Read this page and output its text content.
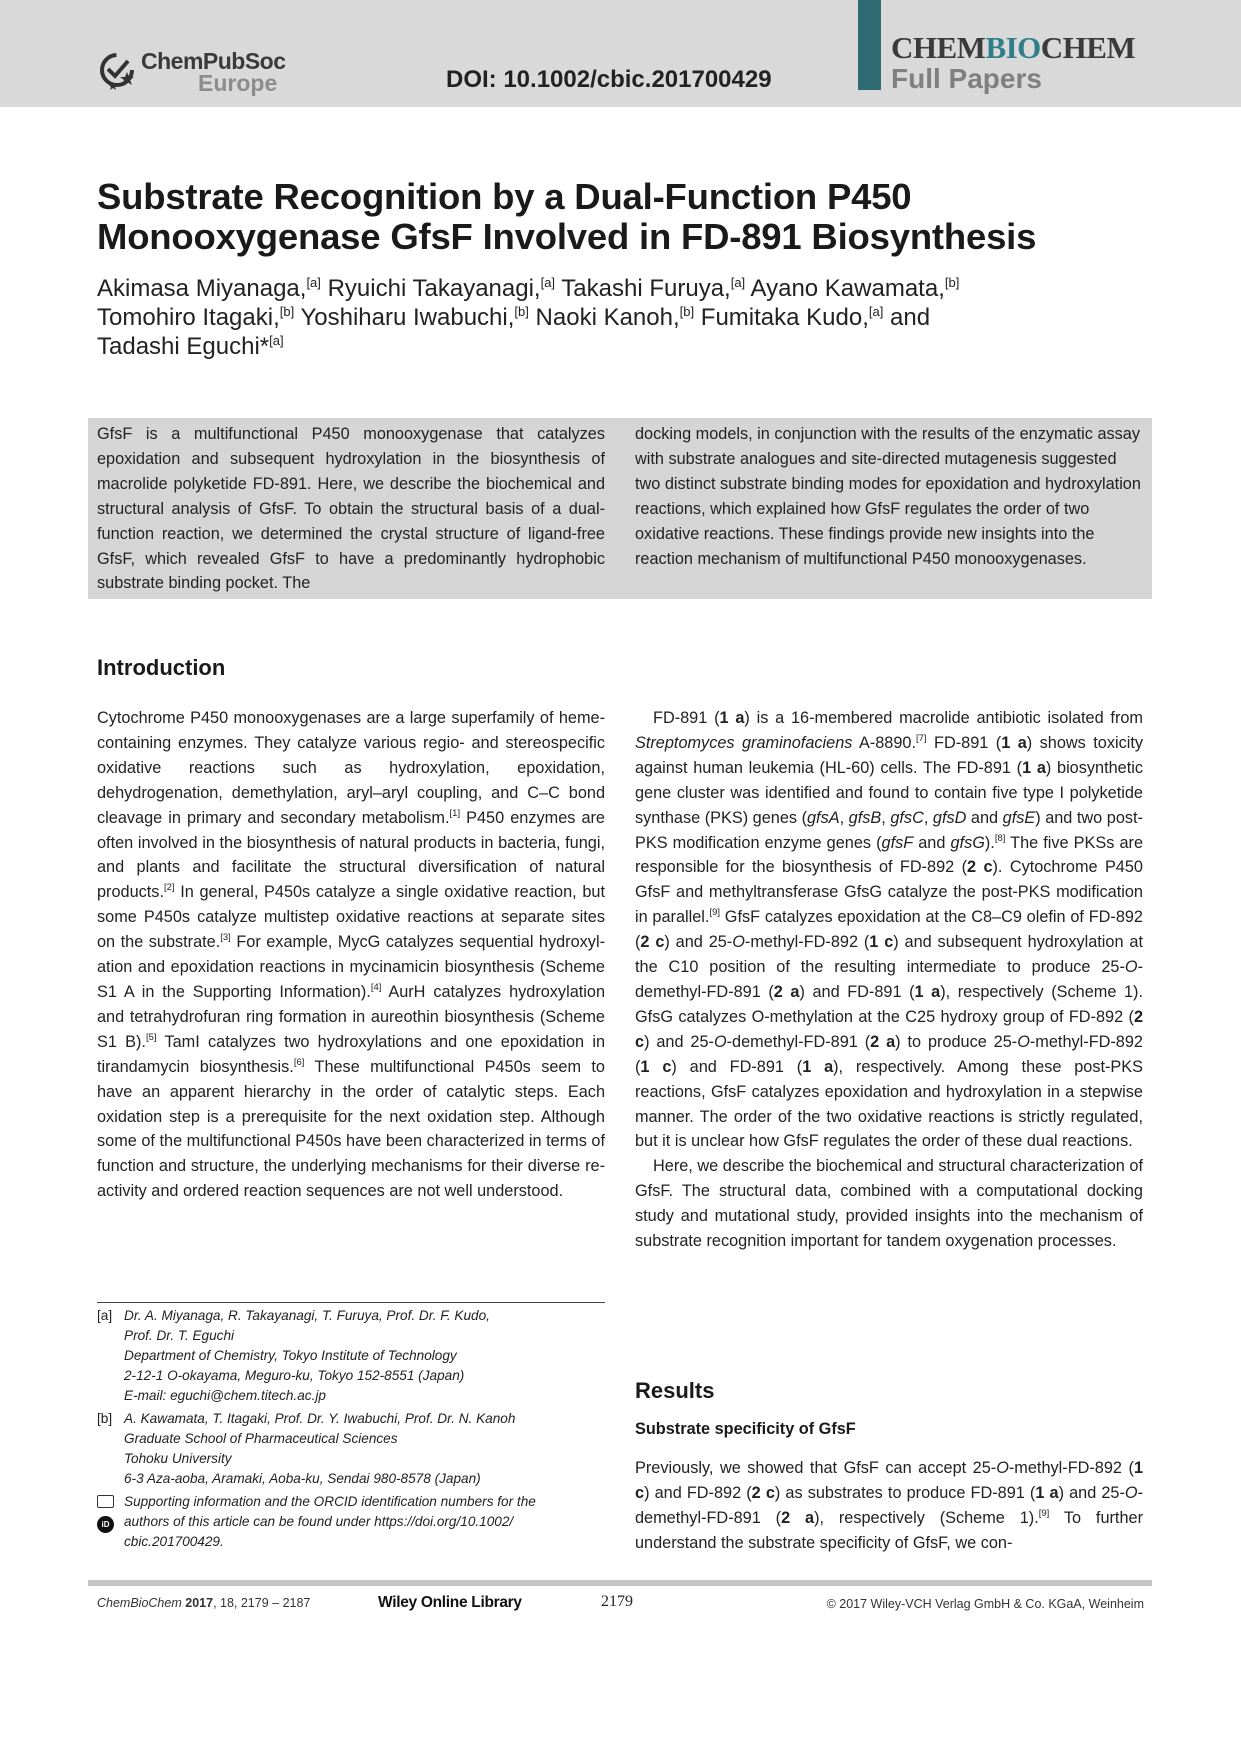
ChemPubSoc
Europe	DOI: 10.1002/cbic.201700429
CHEMBIOCHEM
Full Papers
Substrate Recognition by a Dual-Function P450
Monooxygenase GfsF Involved in FD-891 Biosynthesis
Akimasa Miyanaga,[a] Ryuichi Takayanagi,[a] Takashi Furuya,[a] Ayano Kawamata,[b]
Tomohiro Itagaki,[b] Yoshiharu Iwabuchi,[b] Naoki Kanoh,[b] Fumitaka Kudo,[a] and
Tadashi Eguchi*[a]
GfsF is a multifunctional P450 monooxygenase that catalyzes epoxidation and subsequent hydroxylation in the biosynthesis of macrolide polyketide FD-891. Here, we describe the biochemical and structural analysis of GfsF. To obtain the structural basis of a dual-function reaction, we determined the crystal structure of ligand-free GfsF, which revealed GfsF to have a predominantly hydrophobic substrate binding pocket. The
docking models, in conjunction with the results of the enzymatic assay with substrate analogues and site-directed mutagenesis suggested two distinct substrate binding modes for epoxidation and hydroxylation reactions, which explained how GfsF regulates the order of two oxidative reactions. These findings provide new insights into the reaction mechanism of multifunctional P450 monooxygenases.
Introduction

Cytochrome P450 monooxygenases are a large superfamily of heme-containing enzymes. They catalyze various regio- and stereospecific oxidative reactions such as hydroxylation, epoxidation, dehydrogenation, demethylation, aryl–aryl coupling, and C–C bond cleavage in primary and secondary metabolism.[1] P450 enzymes are often involved in the biosynthesis of natural products in bacteria, fungi, and plants and facilitate the structural diversification of natural products.[2] In general, P450s catalyze a single oxidative reaction, but some P450s catalyze multistep oxidative reactions at separate sites on the substrate.[3] For example, MycG catalyzes sequential hydroxylation and epoxidation reactions in mycinamicin biosynthesis (Scheme S1 A in the Supporting Information).[4] AurH catalyzes hydroxylation and tetrahydrofuran ring formation in aureothin biosynthesis (Scheme S1 B).[5] TamI catalyzes two hydroxylations and one epoxidation in tirandamycin biosynthesis.[6] These multifunctional P450s seem to have an apparent hierarchy in the order of catalytic steps. Each oxidation step is a prerequisite for the next oxidation step. Although some of the multifunctional P450s have been characterized in terms of function and structure, the underlying mechanisms for their diverse reactivity and ordered reaction sequences are not well understood.

[a] Dr. A. Miyanaga, R. Takayanagi, T. Furuya, Prof. Dr. F. Kudo,
Prof. Dr. T. Eguchi
Department of Chemistry, Tokyo Institute of Technology
2-12-1 O-okayama, Meguro-ku, Tokyo 152-8551 (Japan)
E-mail: eguchi@chem.titech.ac.jp
[b] A. Kawamata, T. Itagaki, Prof. Dr. Y. Iwabuchi, Prof. Dr. N. Kanoh
Graduate School of Pharmaceutical Sciences
Tohoku University
6-3 Aza-aoba, Aramaki, Aoba-ku, Sendai 980-8578 (Japan)
iD
Supporting information and the ORCID identification numbers for the
authors of this article can be found under https://doi.org/10.1002/
cbic.201700429.

FD-891 (1 a) is a 16-membered macrolide antibiotic isolated from Streptomyces graminofaciens A-8890.[7] FD-891 (1 a) shows toxicity against human leukemia (HL-60) cells. The FD-891 (1 a) biosynthetic gene cluster was identified and found to contain five type I polyketide synthase (PKS) genes (gfsA, gfsB, gfsC, gfsD and gfsE) and two post-PKS modification enzyme genes (gfsF and gfsG).[8] The five PKSs are responsible for the biosynthesis of FD-892 (2 c). Cytochrome P450 GfsF and methyltransferase GfsG catalyze the post-PKS modification in parallel.[9] GfsF catalyzes epoxidation at the C8–C9 olefin of FD-892 (2 c) and 25-O-methyl-FD-892 (1 c) and subsequent hydroxylation at the C10 position of the resulting intermediate to produce 25-O-demethyl-FD-891 (2 a) and FD-891 (1 a), respectively (Scheme 1). GfsG catalyzes O-methylation at the C25 hydroxy group of FD-892 (2 c) and 25-O-demethyl-FD-891 (2 a) to produce 25-O-methyl-FD-892 (1 c) and FD-891 (1 a), respectively. Among these post-PKS reactions, GfsF catalyzes epoxidation and hydroxylation in a stepwise manner. The order of the two oxidative reactions is strictly regulated, but it is unclear how GfsF regulates the order of these dual reactions.

Here, we describe the biochemical and structural characterization of GfsF. The structural data, combined with a computational docking study and mutational study, provided insights into the mechanism of substrate recognition important for tandem oxygenation processes.

Results
Substrate specificity of GfsF

Previously, we showed that GfsF can accept 25-O-methyl-FD-892 (1 c) and FD-892 (2 c) as substrates to produce FD-891 (1 a) and 25-O-demethyl-FD-891 (2 a), respectively (Scheme 1).[9] To further understand the substrate specificity of GfsF, we con-

ChemBioChem 2017, 18, 2179 – 2187	Wiley Online Library	2179	© 2017 Wiley-VCH Verlag GmbH & Co. KGaA, Weinheim
